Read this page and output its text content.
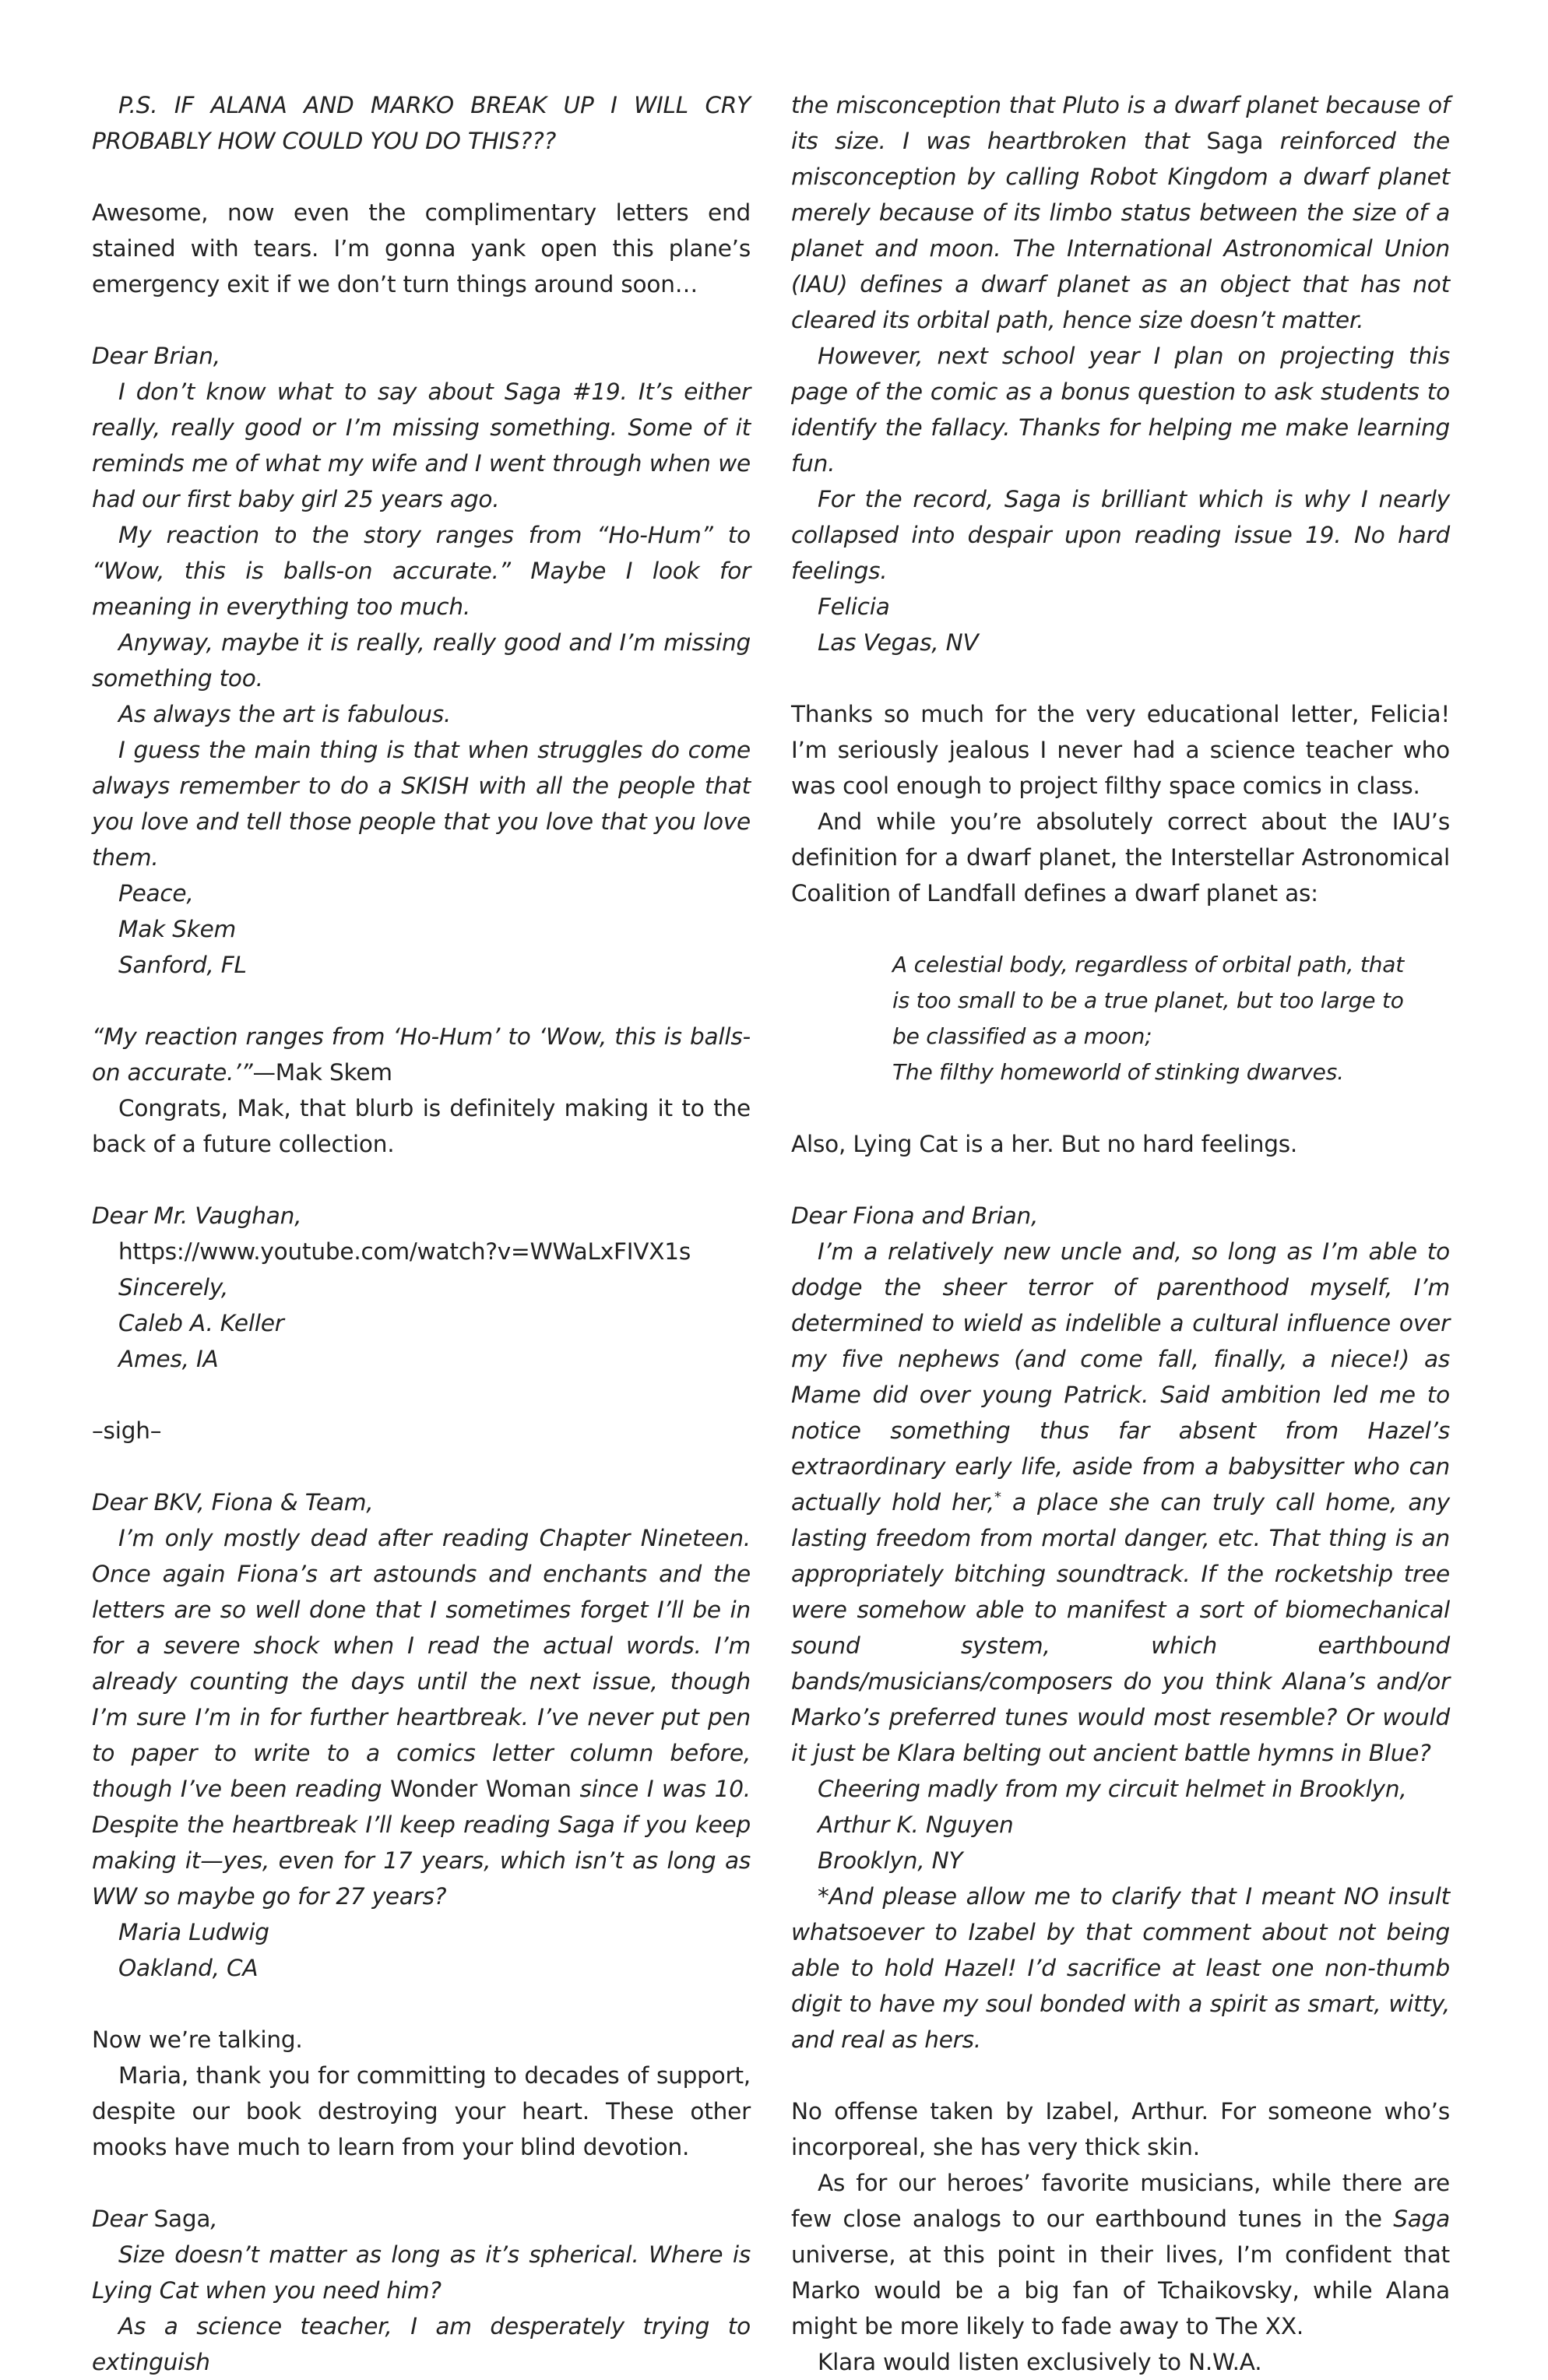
P.S. IF ALANA AND MARKO BREAK UP I WILL CRY PROBABLY HOW COULD YOU DO THIS???

Awesome, now even the complimentary letters end stained with tears. I’m gonna yank open this plane’s emergency exit if we don’t turn things around soon…

Dear Brian,

I don’t know what to say about Saga #19. It’s either really, really good or I’m missing something. Some of it reminds me of what my wife and I went through when we had our first baby girl 25 years ago.

My reaction to the story ranges from “Ho-Hum” to “Wow, this is balls-on accurate.” Maybe I look for meaning in everything too much.

Anyway, maybe it is really, really good and I’m missing something too.

As always the art is fabulous.

I guess the main thing is that when struggles do come always remember to do a SKISH with all the people that you love and tell those people that you love that you love them.

Peace,

Mak Skem

Sanford, FL

“My reaction ranges from ‘Ho-Hum’ to ‘Wow, this is balls-on accurate.’”—Mak Skem

Congrats, Mak, that blurb is definitely making it to the back of a future collection.

Dear Mr. Vaughan,

https://www.youtube.com/watch?v=WWaLxFIVX1s

Sincerely,

Caleb A. Keller

Ames, IA

–sigh–

Dear BKV, Fiona & Team,

I’m only mostly dead after reading Chapter Nineteen. Once again Fiona’s art astounds and enchants and the letters are so well done that I sometimes forget I’ll be in for a severe shock when I read the actual words. I’m already counting the days until the next issue, though I’m sure I’m in for further heartbreak. I’ve never put pen to paper to write to a comics letter column before, though I’ve been reading Wonder Woman since I was 10. Despite the heartbreak I’ll keep reading Saga if you keep making it—yes, even for 17 years, which isn’t as long as WW so maybe go for 27 years?

Maria Ludwig

Oakland, CA

Now we’re talking.

Maria, thank you for committing to decades of support, despite our book destroying your heart. These other mooks have much to learn from your blind devotion.

Dear Saga,

Size doesn’t matter as long as it’s spherical. Where is Lying Cat when you need him?

As a science teacher, I am desperately trying to extinguish

the misconception that Pluto is a dwarf planet because of its size. I was heartbroken that Saga reinforced the misconception by calling Robot Kingdom a dwarf planet merely because of its limbo status between the size of a planet and moon. The International Astronomical Union (IAU) defines a dwarf planet as an object that has not cleared its orbital path, hence size doesn’t matter.

However, next school year I plan on projecting this page of the comic as a bonus question to ask students to identify the fallacy. Thanks for helping me make learning fun.

For the record, Saga is brilliant which is why I nearly collapsed into despair upon reading issue 19. No hard feelings.

Felicia

Las Vegas, NV

Thanks so much for the very educational letter, Felicia! I’m seriously jealous I never had a science teacher who was cool enough to project filthy space comics in class.

And while you’re absolutely correct about the IAU’s definition for a dwarf planet, the Interstellar Astronomical Coalition of Landfall defines a dwarf planet as:

A celestial body, regardless of orbital path, that

is too small to be a true planet, but too large to

be classified as a moon;

The filthy homeworld of stinking dwarves.

Also, Lying Cat is a her. But no hard feelings.

Dear Fiona and Brian,

I’m a relatively new uncle and, so long as I’m able to dodge the sheer terror of parenthood myself, I’m determined to wield as indelible a cultural influence over my five nephews (and come fall, finally, a niece!) as Mame did over young Patrick. Said ambition led me to notice something thus far absent from Hazel’s extraordinary early life, aside from a babysitter who can actually hold her,* a place she can truly call home, any lasting freedom from mortal danger, etc. That thing is an appropriately bitching soundtrack. If the rocketship tree were somehow able to manifest a sort of biomechanical sound system, which earthbound bands/musicians/composers do you think Alana’s and/or Marko’s preferred tunes would most resemble? Or would it just be Klara belting out ancient battle hymns in Blue?

Cheering madly from my circuit helmet in Brooklyn,

Arthur K. Nguyen

Brooklyn, NY

*And please allow me to clarify that I meant NO insult whatsoever to Izabel by that comment about not being able to hold Hazel! I’d sacrifice at least one non-thumb digit to have my soul bonded with a spirit as smart, witty, and real as hers.

No offense taken by Izabel, Arthur. For someone who’s incorporeal, she has very thick skin.

As for our heroes’ favorite musicians, while there are few close analogs to our earthbound tunes in the Saga universe, at this point in their lives, I’m confident that Marko would be a big fan of Tchaikovsky, while Alana might be more likely to fade away to The XX.

Klara would listen exclusively to N.W.A.
